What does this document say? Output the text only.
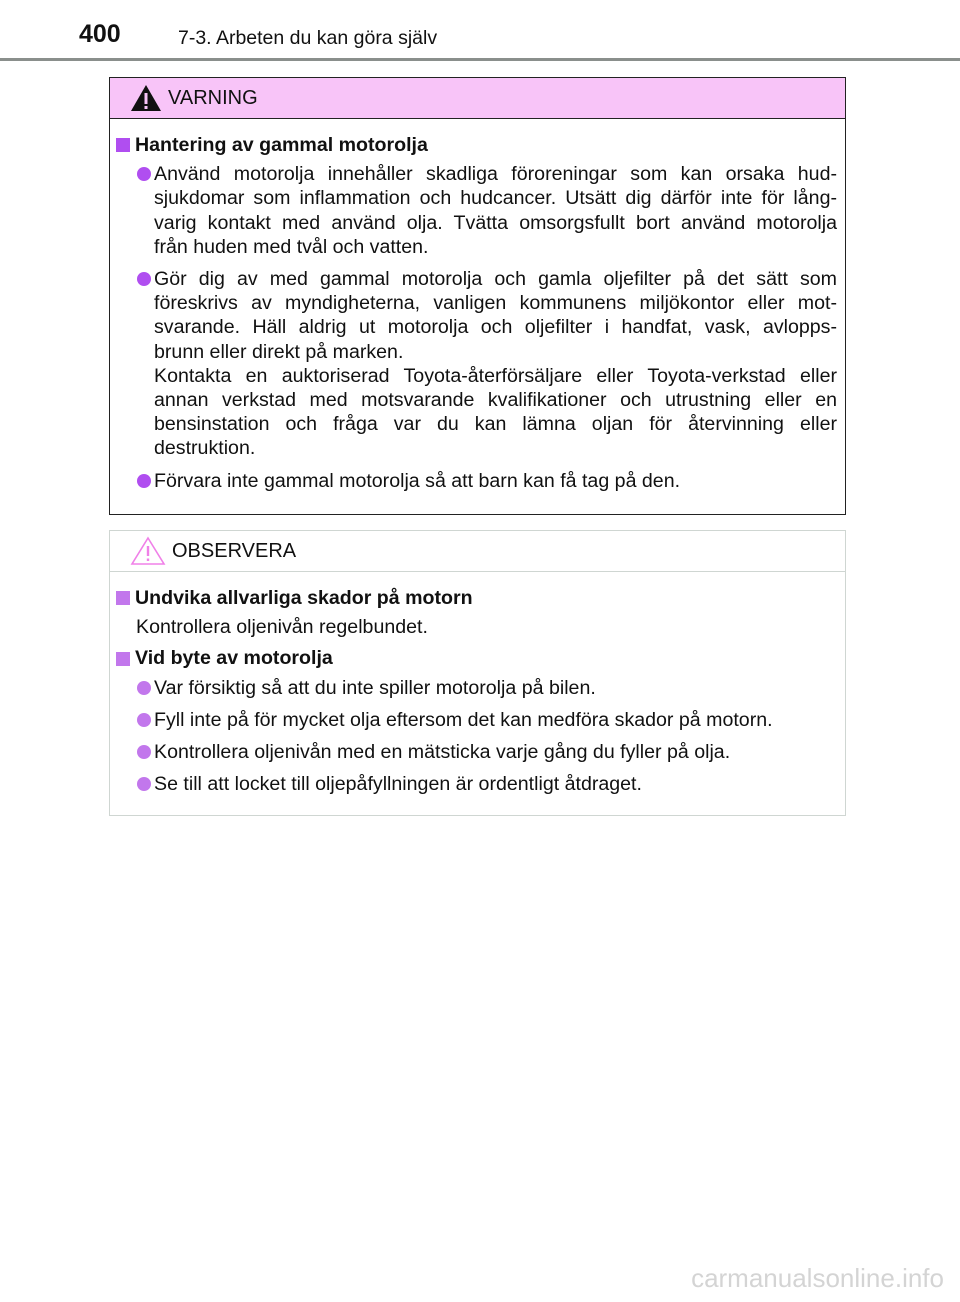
400	7-3. Arbeten du kan göra själv
VARNING
Hantering av gammal motorolja
Använd motorolja innehåller skadliga föroreningar som kan orsaka hud-
sjukdomar som inflammation och hudcancer. Utsätt dig därför inte för lång-
varig kontakt med använd olja. Tvätta omsorgsfullt bort använd motorolja
från huden med tvål och vatten.
Gör dig av med gammal motorolja och gamla oljefilter på det sätt som
föreskrivs av myndigheterna, vanligen kommunens miljökontor eller mot-
svarande. Häll aldrig ut motorolja och oljefilter i handfat, vask, avlopps-
brunn eller direkt på marken.
Kontakta en auktoriserad Toyota-återförsäljare eller Toyota-verkstad eller
annan verkstad med motsvarande kvalifikationer och utrustning eller en
bensinstation och fråga var du kan lämna oljan för återvinning eller
destruktion.
Förvara inte gammal motorolja så att barn kan få tag på den.
OBSERVERA
Undvika allvarliga skador på motorn
Kontrollera oljenivån regelbundet.
Vid byte av motorolja
Var försiktig så att du inte spiller motorolja på bilen.
Fyll inte på för mycket olja eftersom det kan medföra skador på motorn.
Kontrollera oljenivån med en mätsticka varje gång du fyller på olja.
Se till att locket till oljepåfyllningen är ordentligt åtdraget.
carmanualsonline.info
